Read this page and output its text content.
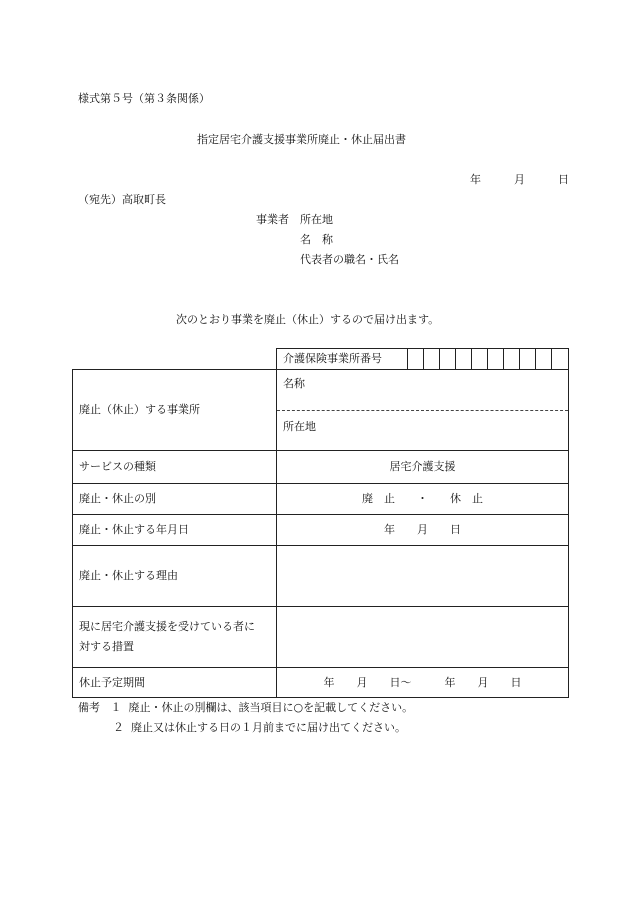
様式第５号（第３条関係）
指定居宅介護支援事業所廃止・休止届出書
年	月	日
（宛先）高取町長
事業者 所在地
名　称
代表者の職名・氏名
次のとおり事業を廃止（休止）するので届け出ます。
	介護保険事業所番号

廃止（休止）する事業所	名称
所在地

サービスの種類	居宅介護支援
廃止・休止の別	廃　止　　・　　休　止
廃止・休止する年月日	年　　月　　日
廃止・休止する理由	

現に居宅介護支援を受けている者に
対する措置	

休止予定期間	年　　月　　日～　　　年　　月　　日
備考 １ 廃止・休止の別欄は、該当項目に○を記載してください。
２ 廃止又は休止する日の１月前までに届け出てください。
